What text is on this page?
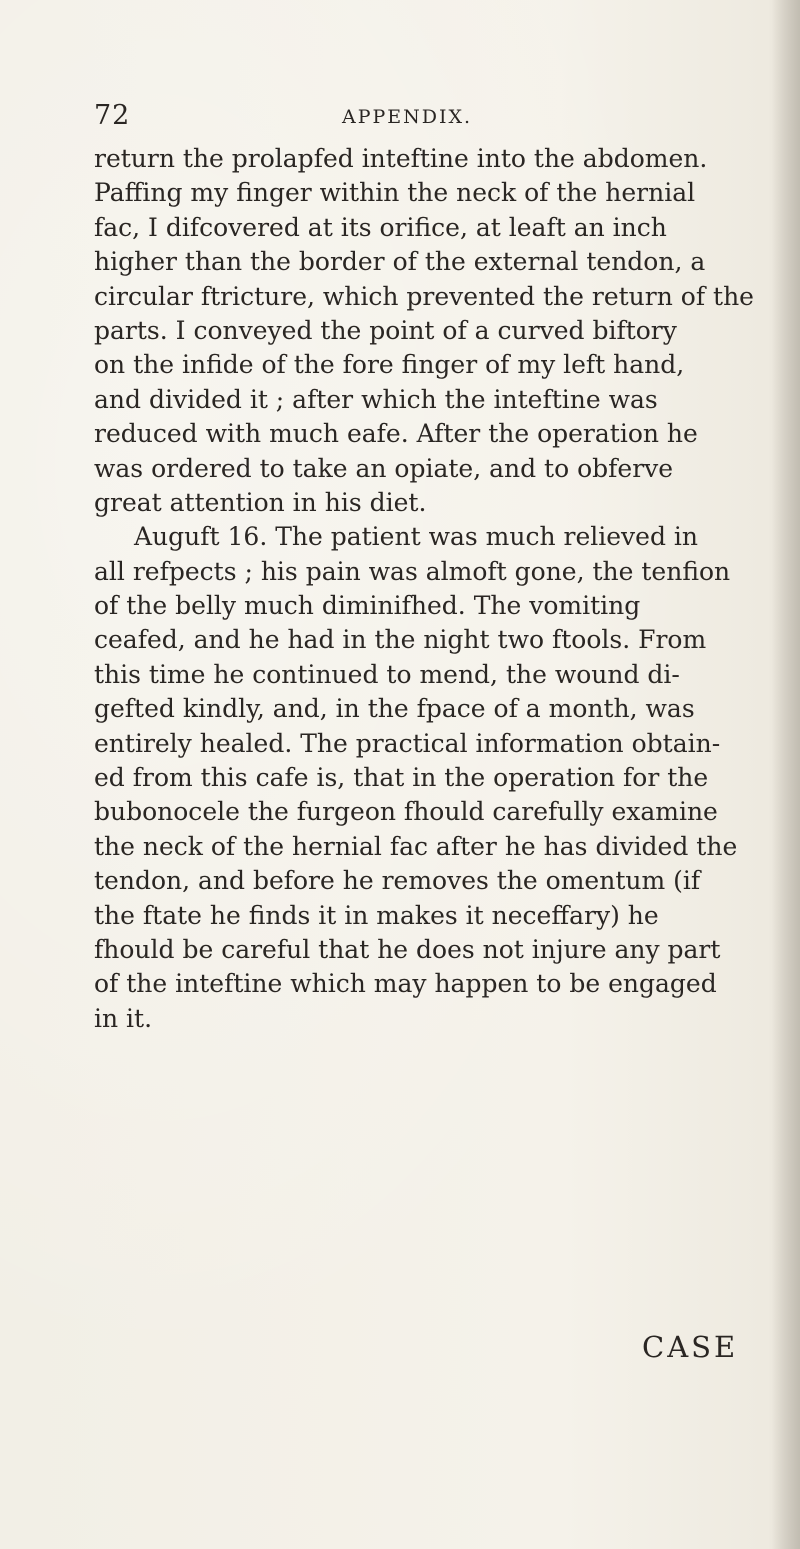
72	APPENDIX.
return the prolapfed inteftine into the abdomen.
Paffing my finger within the neck of the hernial
fac, I difcovered at its orifice, at leaft an inch
higher than the border of the external tendon, a
circular ftricture, which prevented the return of the
parts. I conveyed the point of a curved biftory
on the infide of the fore finger of my left hand,
and divided it ; after which the inteftine was
reduced with much eafe. After the operation he
was ordered to take an opiate, and to obferve
great attention in his diet.
Auguft 16. The patient was much relieved in
all refpects ; his pain was almoft gone, the tenfion
of the belly much diminifhed. The vomiting
ceafed, and he had in the night two ftools. From
this time he continued to mend, the wound di-
gefted kindly, and, in the fpace of a month, was
entirely healed. The practical information obtain-
ed from this cafe is, that in the operation for the
bubonocele the furgeon fhould carefully examine
the neck of the hernial fac after he has divided the
tendon, and before he removes the omentum (if
the ftate he finds it in makes it neceffary) he
fhould be careful that he does not injure any part
of the inteftine which may happen to be engaged
in it.
CASE
